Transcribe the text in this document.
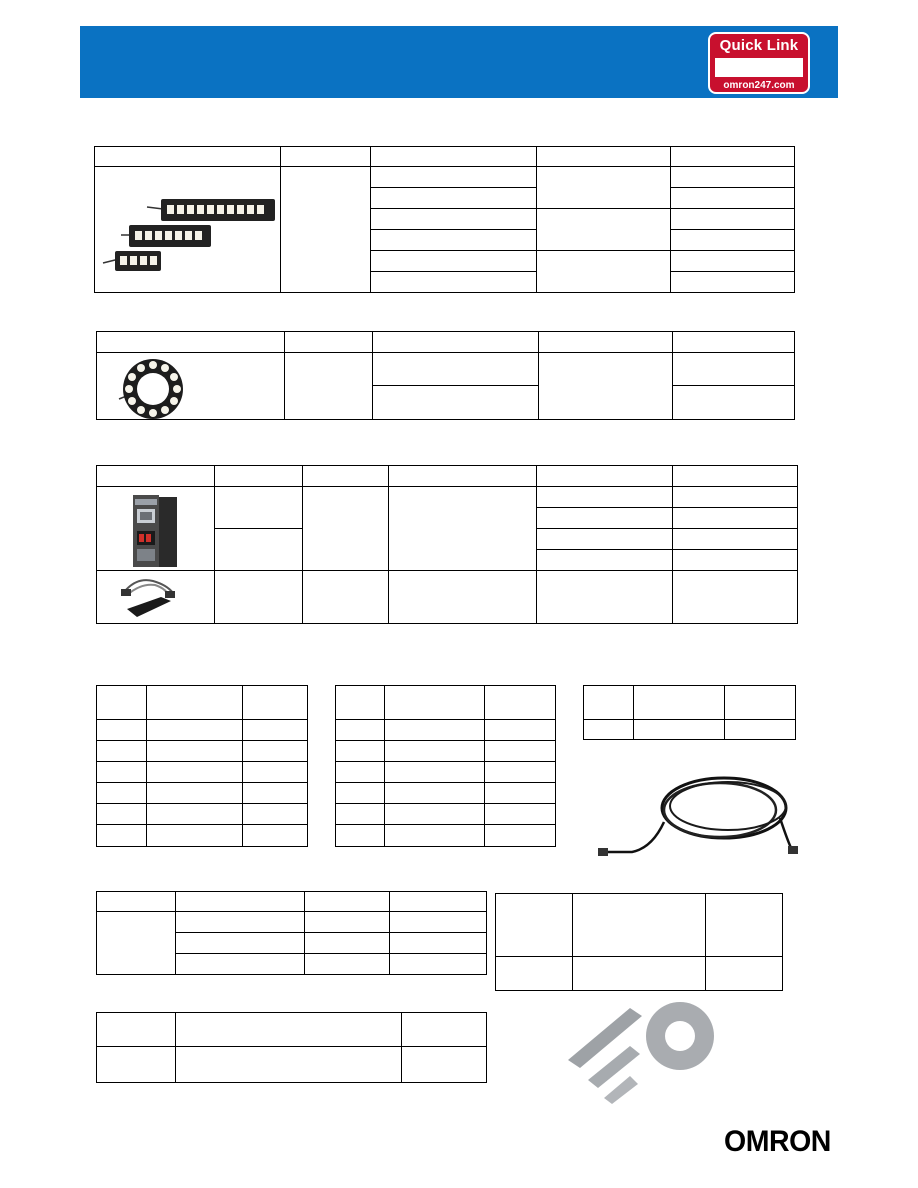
Quick Link
omron247.com

OMRON
